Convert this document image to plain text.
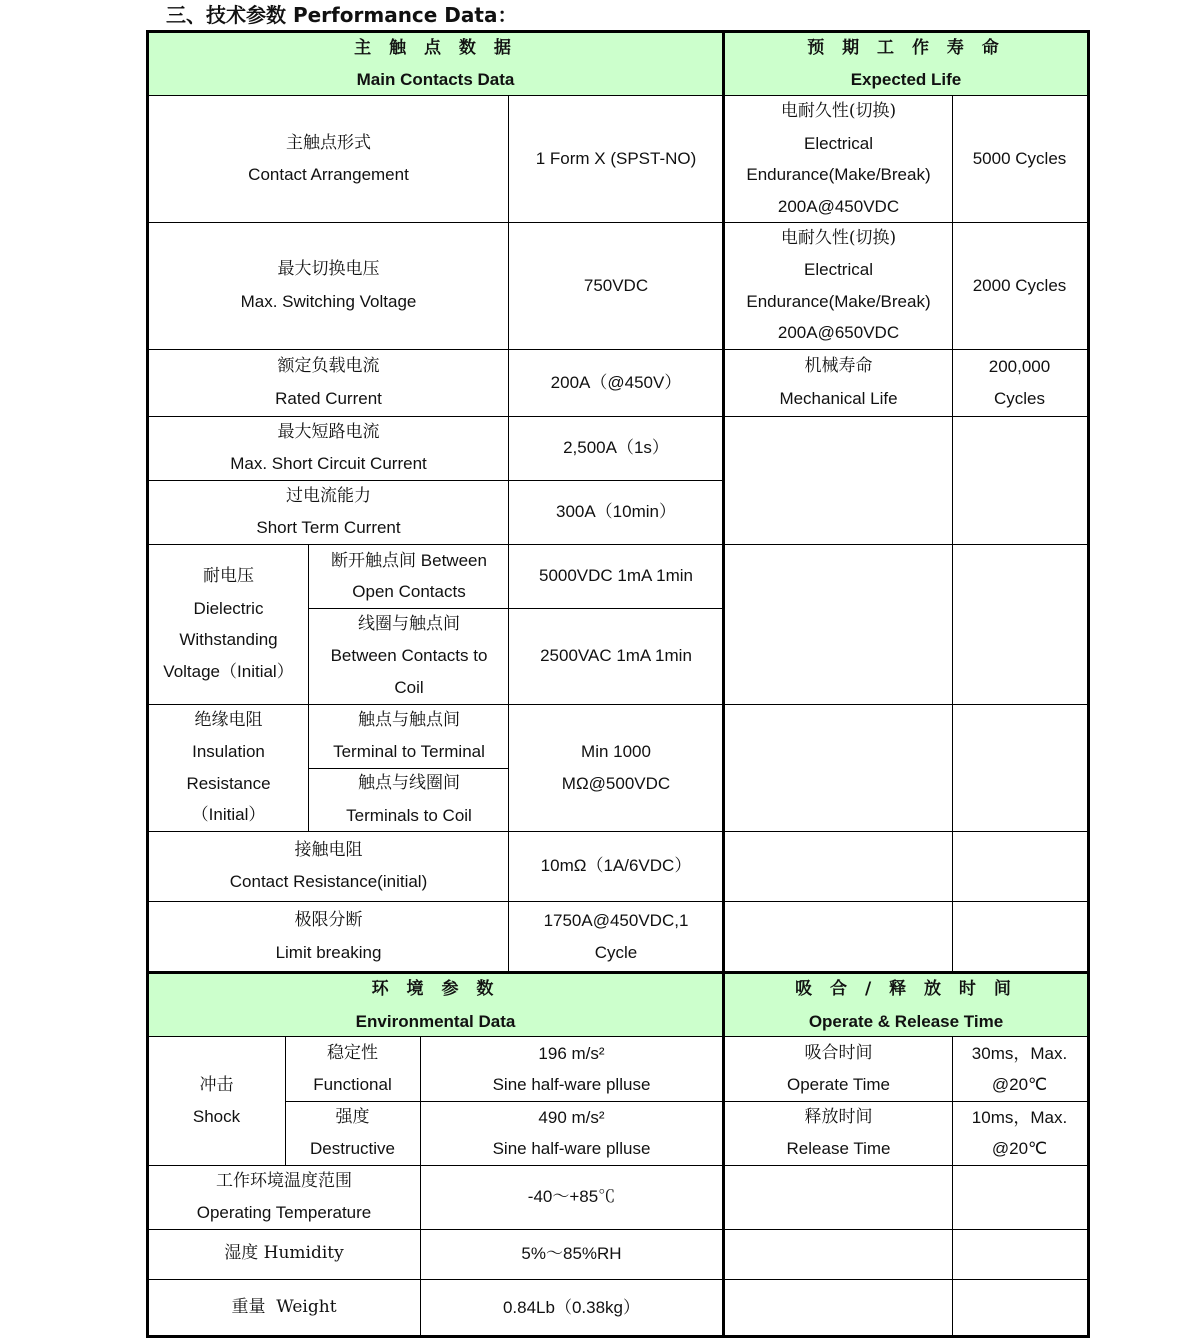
三、技术参数 Performance Data：
主 触 点 数 据
Main Contacts Data
预 期 工 作 寿 命
Expected Life
环 境 参 数
Environmental Data
吸 合 / 释 放 时 间
Operate & Release Time
主触点形式
Contact Arrangement
1 Form X (SPST-NO)
最大切换电压
Max. Switching Voltage
750VDC
额定负载电流
Rated Current
200A（@450V）
最大短路电流
Max. Short Circuit Current
2,500A（1s）
过电流能力
Short Term Current
300A（10min）
耐电压
Dielectric
Withstanding
Voltage（Initial）
断开触点间 Between
Open Contacts
5000VDC 1mA 1min
线圈与触点间
Between Contacts to
Coil
2500VAC 1mA 1min
绝缘电阻
Insulation
Resistance
（Initial）
触点与触点间
Terminal to Terminal
触点与线圈间
Terminals to Coil
Min 1000
MΩ@500VDC
接触电阻
Contact Resistance(initial)
10mΩ（1A/6VDC）
极限分断
Limit breaking
1750A@450VDC,1
Cycle
电耐久性(切换)
Electrical
Endurance(Make/Break)
200A@450VDC
5000 Cycles
电耐久性(切换)
Electrical
Endurance(Make/Break)
200A@650VDC
2000 Cycles
机械寿命
Mechanical Life
200,000
Cycles
冲击
Shock
稳定性
Functional
196 m/s²
Sine half-ware plluse
强度
Destructive
490 m/s²
Sine half-ware plluse
工作环境温度范围
Operating Temperature
-40～+85℃
湿度 Humidity	5%～85%RH
重量  Weight	0.84Lb（0.38kg）
吸合时间
Operate Time
30ms，Max.
@20℃
释放时间
Release Time
10ms，Max.
@20℃
